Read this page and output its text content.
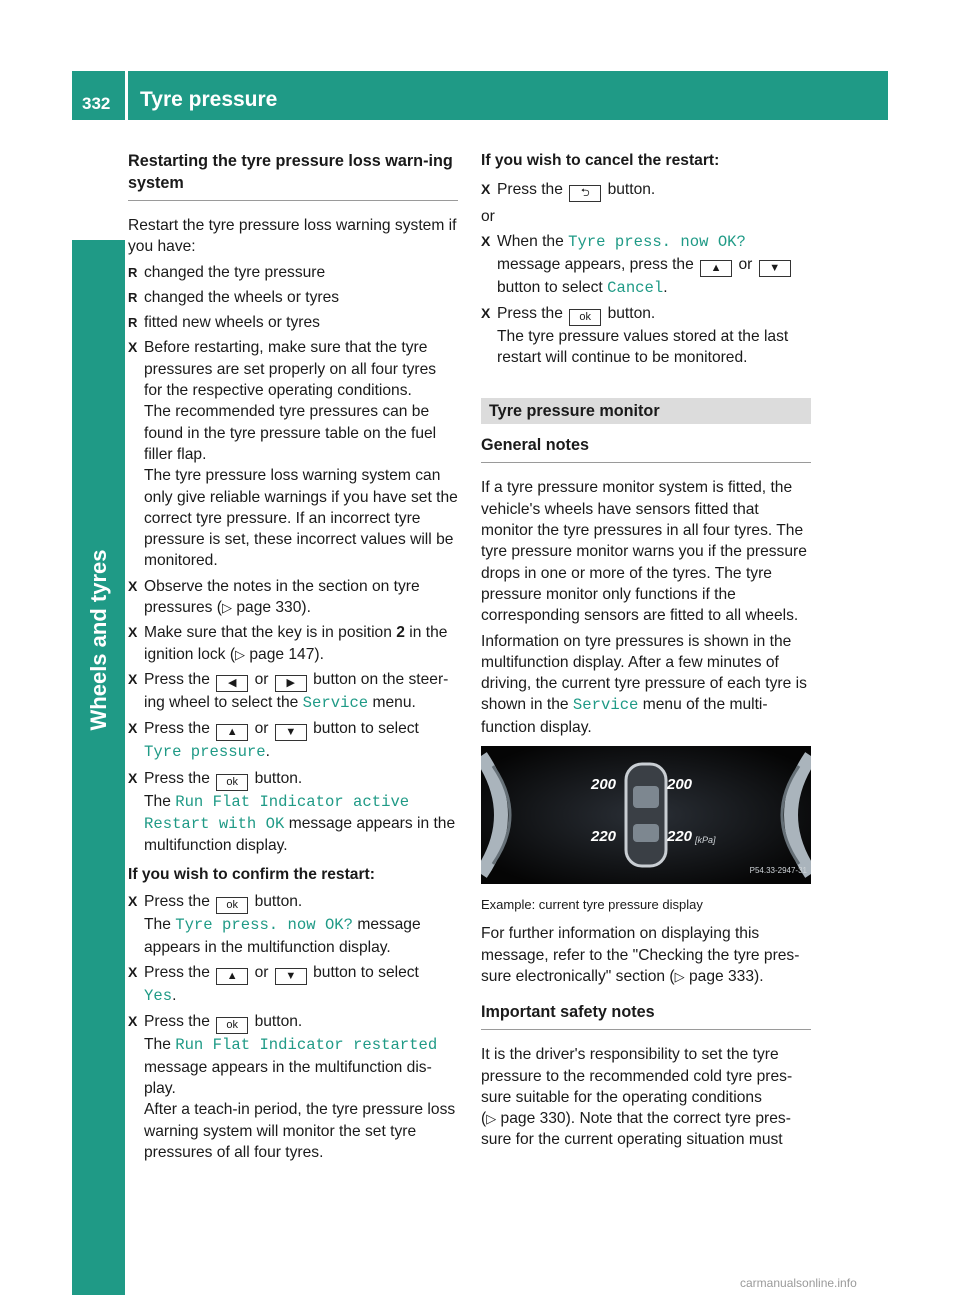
332 Tyre pressure
Wheels and tyres
Restarting the tyre pressure loss warn-ing system

Restart the tyre pressure loss warning system if you have:

R changed the tyre pressure
R changed the wheels or tyres
R fitted new wheels or tyres
X Before restarting, make sure that the tyre pressures are set properly on all four tyres for the respective operating conditions.
The recommended tyre pressures can be found in the tyre pressure table on the fuel filler flap.
The tyre pressure loss warning system can only give reliable warnings if you have set the correct tyre pressure. If an incorrect tyre pressure is set, these incorrect values will be monitored.
X Observe the notes in the section on tyre pressures (▷ page 330).
X Make sure that the key is in position 2 in the ignition lock (▷ page 147).
X Press the ◀ or ▶ button on the steer-ing wheel to select the Service menu.
X Press the ▲ or ▼ button to select
Tyre pressure.
X Press the ok button.
The Run Flat Indicator active
Restart with OK message appears in the multifunction display.
If you wish to confirm the restart:
X Press the ok button.
The Tyre press. now OK? message appears in the multifunction display.
X Press the ▲ or ▼ button to select
Yes.
X Press the ok button.
The Run Flat Indicator restarted message appears in the multifunction dis-play.
After a teach-in period, the tyre pressure loss warning system will monitor the set tyre pressures of all four tyres.
If you wish to cancel the restart:
X Press the ⮌ button.

or

X When the Tyre press. now OK? message appears, press the ▲ or ▼ button to select Cancel.
X Press the ok button.
The tyre pressure values stored at the last restart will continue to be monitored.
Tyre pressure monitor
General notes

If a tyre pressure monitor system is fitted, the vehicle's wheels have sensors fitted that monitor the tyre pressures in all four tyres. The tyre pressure monitor warns you if the pressure drops in one or more of the tyres. The tyre pressure monitor only functions if the corresponding sensors are fitted to all wheels.

Information on tyre pressures is shown in the multifunction display. After a few minutes of driving, the current tyre pressure of each tyre is shown in the Service menu of the multi-function display.

200	200
220	220 [kPa]
P54.33-2947-31
Example: current tyre pressure display

For further information on displaying this message, refer to the "Checking the tyre pres-sure electronically" section (▷ page 333).

Important safety notes

It is the driver's responsibility to set the tyre pressure to the recommended cold tyre pres-sure suitable for the operating conditions
(▷ page 330). Note that the correct tyre pres-sure for the current operating situation must

carmanualsonline.info
